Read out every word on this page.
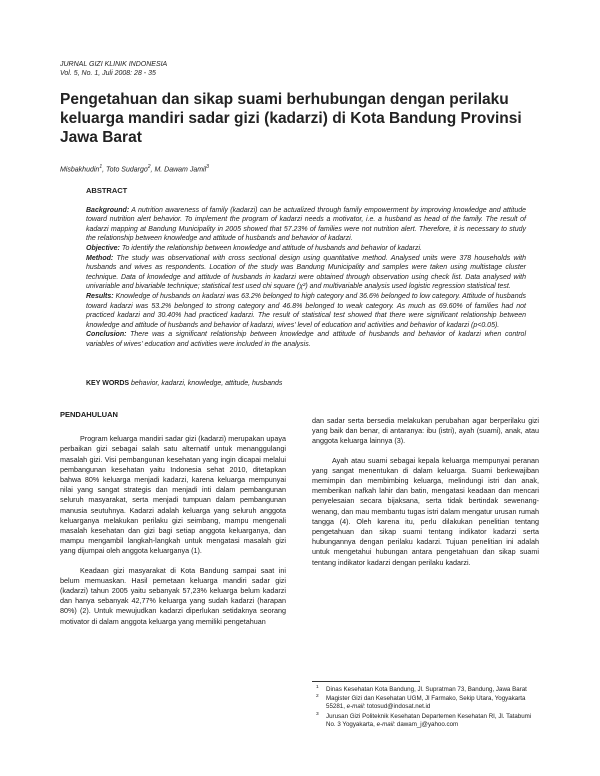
JURNAL GIZI KLINIK INDONESIA
Vol. 5, No. 1, Juli 2008: 28 - 35
Pengetahuan dan sikap suami berhubungan dengan perilaku keluarga mandiri sadar gizi (kadarzi) di Kota Bandung Provinsi Jawa Barat
Misbakhudin$^1$, Toto Sudargo$^2$, M. Dawam Jamil$^3$
ABSTRACT

Background: A nutrition awareness of family (kadarzi) can be actualized through family empowerment by improving knowledge and attitude toward nutrition alert behavior. To implement the program of kadarzi needs a motivator, i.e. a husband as head of the family. The result of kadarzi mapping at Bandung Municipality in 2005 showed that 57.23% of families were not nutrition alert. Therefore, it is necessary to study the relationship between knowledge and attitude of husbands and behavior of kadarzi.

Objective: To identify the relationship between knowledge and attitude of husbands and behavior of kadarzi.

Method: The study was observational with cross sectional design using quantitative method. Analysed units were 378 households with husbands and wives as respondents. Location of the study was Bandung Municipality and samples were taken using multistage cluster technique. Data of knowledge and attitude of husbands in kadarzi were obtained through observation using check list. Data analysed with univariable and bivariable technique; statistical test used chi square (χ²) and multivariable analysis used logistic regression statistical test.

Results: Knowledge of husbands on kadarzi was 63.2% belonged to high category and 36.6% belonged to low category. Attitude of husbands toward kadarzi was 53.2% belonged to strong category and 46.8% belonged to weak category. As much as 69.60% of families had not practiced kadarzi and 30.40% had practiced kadarzi. The result of statistical test showed that there were significant relationship between knowledge and attitude of husbands and behavior of kadarzi, wives' level of education and activities and behavior of kadarzi (p<0.05).

Conclusion: There was a significant relationship between knowledge and attitude of husbands and behavior of kadarzi when control variables of wives' education and activities were included in the analysis.

KEY WORDS behavior, kadarzi, knowledge, attitude, husbands
PENDAHULUAN
Program keluarga mandiri sadar gizi (kadarzi) merupakan upaya perbaikan gizi sebagai salah satu alternatif untuk menanggulangi masalah gizi. Visi pembangunan kesehatan yang ingin dicapai melalui pembangunan kesehatan yaitu Indonesia sehat 2010, ditetapkan bahwa 80% keluarga menjadi kadarzi, karena keluarga mempunyai nilai yang sangat strategis dan menjadi inti dalam pembangunan seluruh masyarakat, serta menjadi tumpuan dalam pembangunan manusia seutuhnya. Kadarzi adalah keluarga yang seluruh anggota keluarganya melakukan perilaku gizi seimbang, mampu mengenali masalah kesehatan dan gizi bagi setiap anggota keluarganya, dan mampu mengambil langkah-langkah untuk mengatasi masalah gizi yang dijumpai oleh anggota keluarganya (1).
Keadaan gizi masyarakat di Kota Bandung sampai saat ini belum memuaskan. Hasil pemetaan keluarga mandiri sadar gizi (kadarzi) tahun 2005 yaitu sebanyak 57,23% keluarga belum kadarzi dan hanya sebanyak 42,77% keluarga yang sudah kadarzi (harapan 80%) (2). Untuk mewujudkan kadarzi diperlukan setidaknya seorang motivator di dalam anggota keluarga yang memiliki pengetahuan
dan sadar serta bersedia melakukan perubahan agar berperilaku gizi yang baik dan benar, di antaranya: ibu (istri), ayah (suami), anak, atau anggota keluarga lainnya (3).
Ayah atau suami sebagai kepala keluarga mempunyai peranan yang sangat menentukan di dalam keluarga. Suami berkewajiban memimpin dan membimbing keluarga, melindungi istri dan anak, memberikan nafkah lahir dan batin, mengatasi keadaan dan mencari penyelesaian secara bijaksana, serta tidak bertindak sewenang-wenang, dan mau membantu tugas istri dalam mengatur urusan rumah tangga (4). Oleh karena itu, perlu dilakukan penelitian tentang pengetahuan dan sikap suami tentang indikator kadarzi serta hubungannya dengan perilaku kadarzi. Tujuan penelitian ini adalah untuk mengetahui hubungan antara pengetahuan dan sikap suami tentang indikator kadarzi dengan perilaku kadarzi.
1 Dinas Kesehatan Kota Bandung, Jl. Supratman 73, Bandung, Jawa Barat
2 Magister Gizi dan Kesehatan UGM, Jl Farmako, Sekip Utara, Yogyakarta 55281, e-mail: totosud@indosat.net.id
3 Jurusan Gizi Politeknik Kesehatan Departemen Kesehatan RI, Jl. Tatabumi No. 3 Yogyakarta, e-mail: dawam_j@yahoo.com
